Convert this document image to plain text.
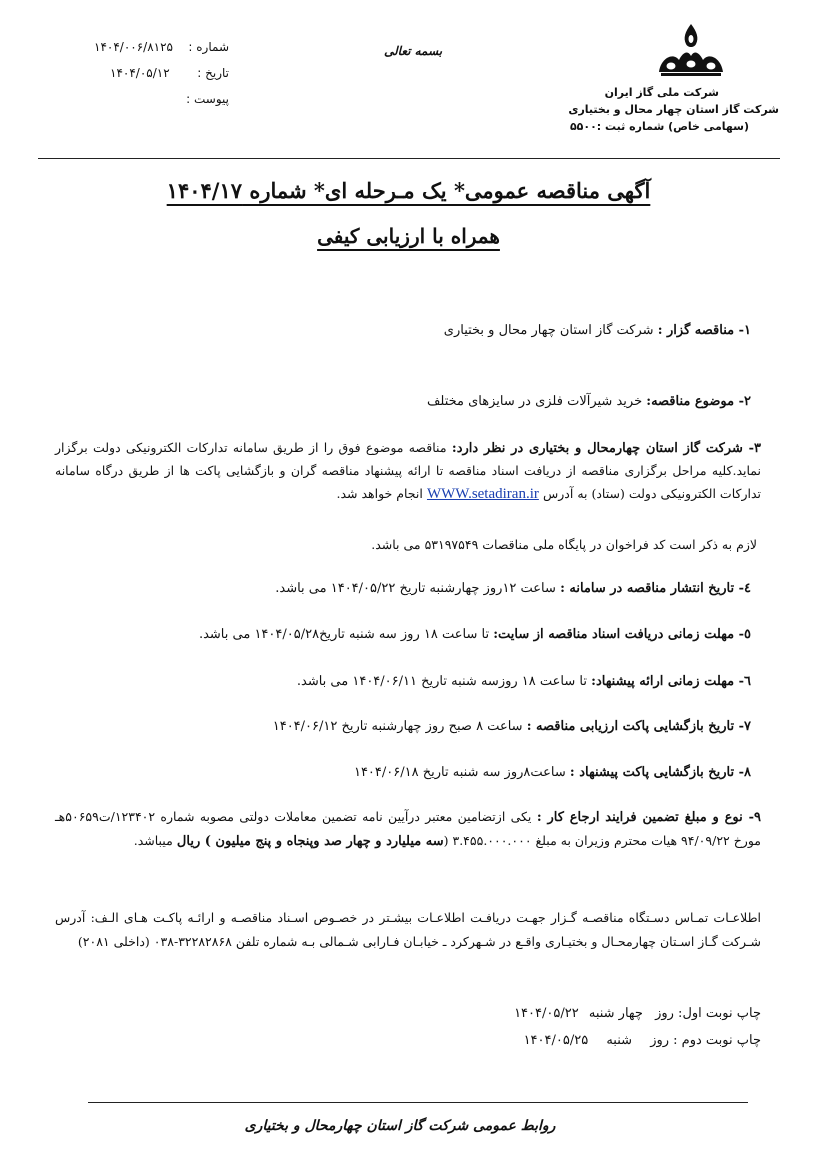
شرکت ملی گاز ایران
شرکت گاز استان چهار محال و بختیاری
(سهامی خاص) شماره ثبت :۵۵۰۰
بسمه تعالی
شماره :
۱۴۰۴/۰۰۶/۸۱۲۵
تاریخ :
۱۴۰۴/۰۵/۱۲
پیوست :
آگهی مناقصه عمومی* یک مـرحله ای* شماره ۱۴۰۴/۱۷
همراه با ارزیابی کیفی
۱- مناقصه گزار : شرکت گاز استان چهار محال و بختیاری
۲- موضوع مناقصه: خرید شیرآلات فلزی در سایزهای مختلف
۳- شرکت گاز استان چهارمحال و بختیاری در نظر دارد: مناقصه موضوع فوق را از طریق سامانه تدارکات الکترونیکی دولت برگزار نماید.کلیه مراحل برگزاری مناقصه از دریافت اسناد مناقصه تا ارائه پیشنهاد مناقصه گران و بازگشایی پاکت ها از طریق درگاه سامانه تدارکات الکترونیکی دولت (ستاد) به آدرس WWW.setadiran.ir انجام خواهد شد.
لازم به ذکر است کد فراخوان در پایگاه ملی مناقصات ۵۳۱۹۷۵۴۹ می باشد.
٤- تاریخ انتشار مناقصه در سامانه : ساعت ۱۲روز چهارشنبه تاریخ ۱۴۰۴/۰۵/۲۲ می باشد.
٥- مهلت زمانی دریافت اسناد مناقصه از سایت: تا ساعت ۱۸ روز سه شنبه تاریخ۱۴۰۴/۰۵/۲۸ می باشد.
٦- مهلت زمانی ارائه پیشنهاد: تا ساعت ۱۸ روزسه شنبه تاریخ ۱۴۰۴/۰۶/۱۱ می باشد.
۷- تاریخ بازگشایی پاکت ارزیابی مناقصه : ساعت ۸ صبح روز چهارشنبه تاریخ ۱۴۰۴/۰۶/۱۲
۸- تاریخ بازگشایی پاکت پیشنهاد : ساعت۸روز سه شنبه تاریخ ۱۴۰۴/۰۶/۱۸
۹- نوع و مبلغ تضمین فرایند ارجاع کار : یکی ازتضامین معتبر درآیین نامه تضمین معاملات دولتی مصوبه شماره ۱۲۳۴۰۲/ت۵۰۶۵۹هـ مورخ ۹۴/۰۹/۲۲ هیات محترم وزیران به مبلغ ۳.۴۵۵.۰۰۰.۰۰۰ (سه میلیارد و چهار صد وپنجاه و پنج میلیون ) ریال میباشد.
اطلاعـات تمـاس دسـتگاه مناقصـه گـزار جهـت دریافـت اطلاعـات بیشـتر در خصـوص اسـناد مناقصـه و ارائـه پاکـت هـای الـف: آدرس شـرکت گـاز اسـتان چهارمحـال و بختیـاری واقـع در شـهرکرد ـ خیابـان فـارابی شـمالی بـه شماره تلفن ۳۲۲۸۲۸۶۸-۰۳۸ (داخلی ۲۰۸۱)
چاپ نوبت اول: روز چهار شنبه ۱۴۰۴/۰۵/۲۲
چاپ نوبت دوم : روز شنبه ۱۴۰۴/۰۵/۲۵
روابط عمومی شرکت گاز استان چهارمحال و بختیاری
